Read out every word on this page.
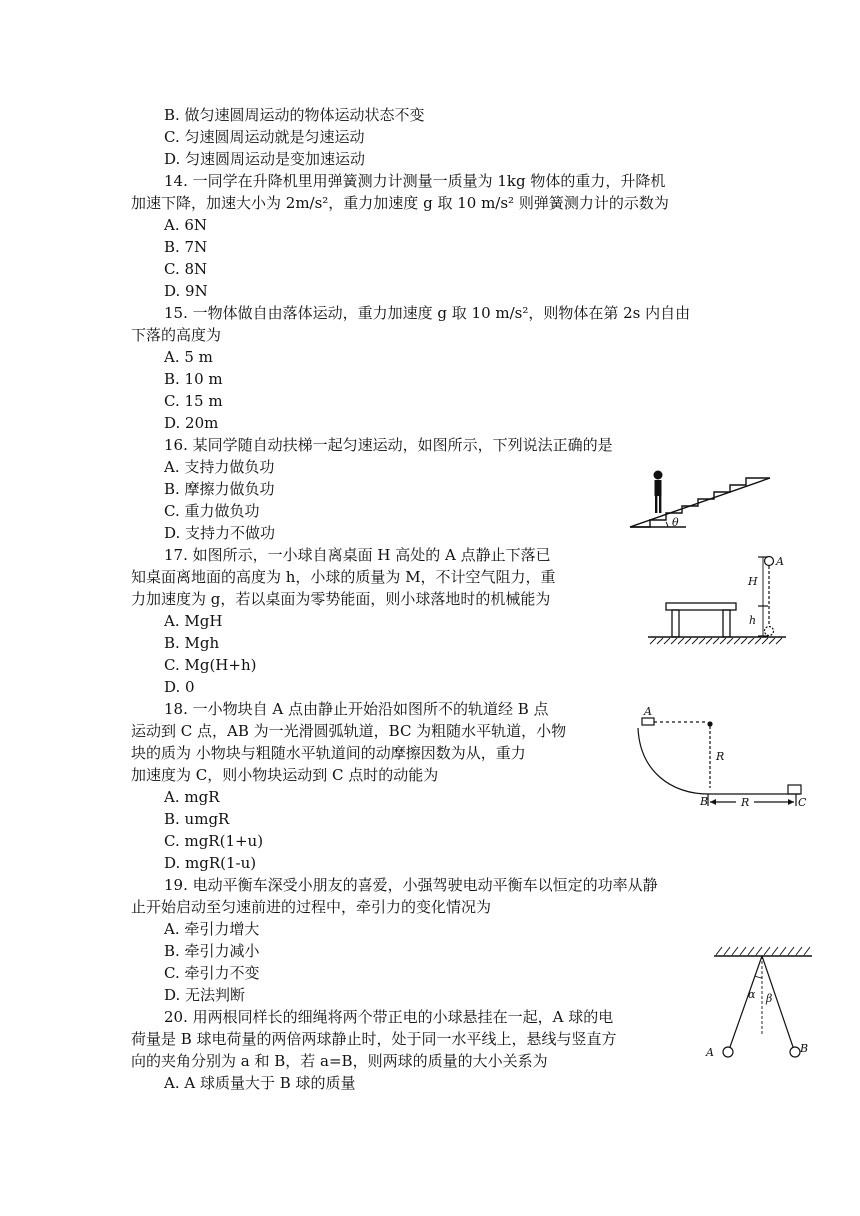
B. 做匀速圆周运动的物体运动状态不变
C. 匀速圆周运动就是匀速运动
D. 匀速圆周运动是变加速运动
14. 一同学在升降机里用弹簧测力计测量一质量为 1kg 物体的重力，升降机
加速下降，加速大小为 2m/s²，重力加速度 g 取 10 m/s² 则弹簧测力计的示数为
A. 6N
B. 7N
C. 8N
D. 9N
15. 一物体做自由落体运动，重力加速度 g 取 10 m/s²，则物体在第 2s 内自由
下落的高度为
A. 5 m
B. 10 m
C. 15 m
D. 20m
16. 某同学随自动扶梯一起匀速运动，如图所示，下列说法正确的是
A. 支持力做负功
B. 摩擦力做负功
C. 重力做负功
D. 支持力不做功
17. 如图所示，一小球自离桌面 H 高处的 A 点静止下落已
知桌面离地面的高度为 h，小球的质量为 M，不计空气阻力，重
力加速度为 g，若以桌面为零势能面，则小球落地时的机械能为
A. MgH
B. Mgh
C. Mg(H+h)
D. 0
18. 一小物块自 A 点由静止开始沿如图所不的轨道经 B 点
运动到 C 点，AB 为一光滑圆弧轨道，BC 为粗随水平轨道，小物
块的质为 小物块与粗随水平轨道间的动摩擦因数为从，重力
加速度为 C，则小物块运动到 C 点时的动能为
A. mgR
B. umgR
C. mgR(1+u)
D. mgR(1-u)
19. 电动平衡车深受小朋友的喜爱，小强驾驶电动平衡车以恒定的功率从静
止开始启动至匀速前进的过程中，牵引力的变化情况为
A. 牵引力增大
B. 牵引力减小
C. 牵引力不变
D. 无法判断
20. 用两根同样长的细绳将两个带正电的小球悬挂在一起，A 球的电
荷量是 B 球电荷量的两倍两球静止时，处于同一水平线上，悬线与竖直方
向的夹角分别为 a 和 B，若 a=B，则两球的质量的大小关系为
A. A 球质量大于 B 球的质量
θ
A
H
h
A
R
B	R	C
α β
A	B
